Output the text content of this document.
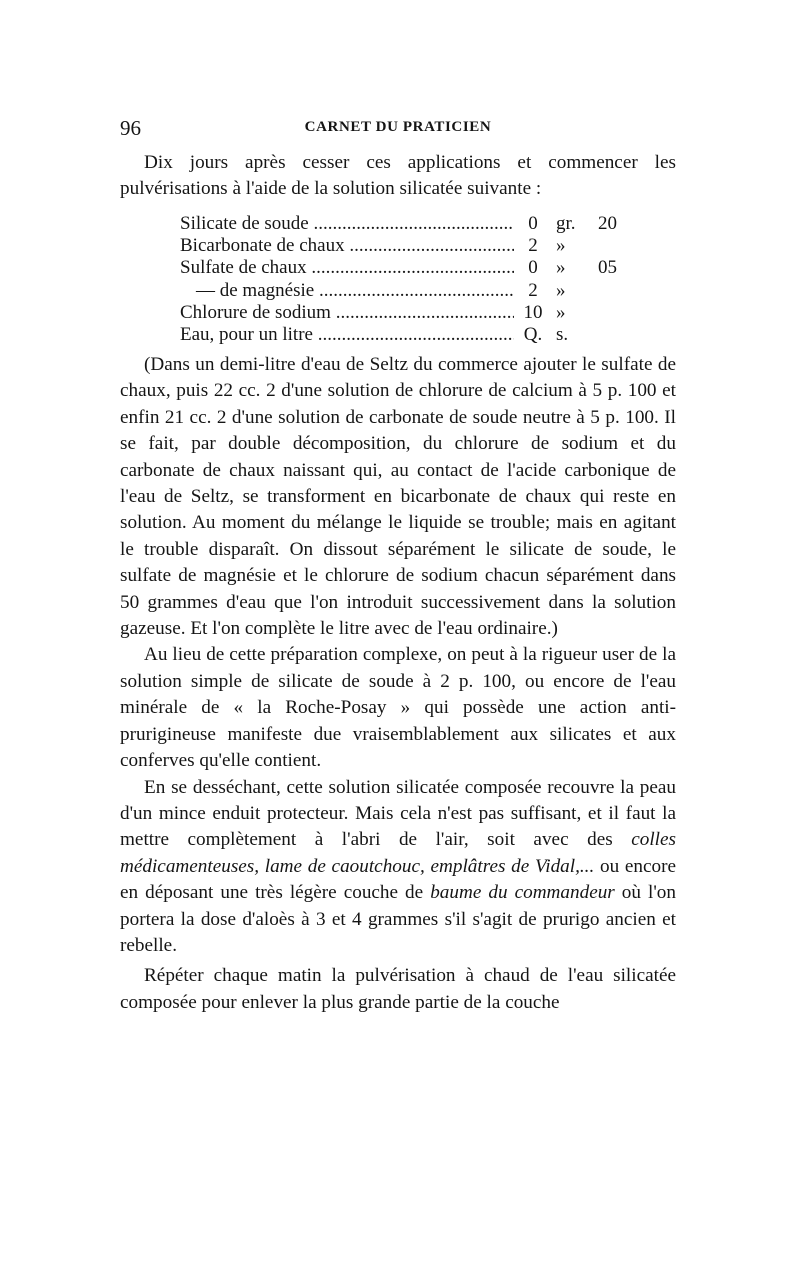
96	CARNET DU PRATICIEN

Dix jours après cesser ces applications et commencer les pulvérisations à l'aide de la solution silicatée suivante :

Silicate de soude .....	0 gr.	20
Bicarbonate de chaux .....	2 »
Sulfate de chaux .....	0 »	05
— de magnésie .....	2 »
Chlorure de sodium .....	10 »
Eau, pour un litre .....	Q. s.

(Dans un demi-litre d'eau de Seltz du commerce ajouter le sulfate de chaux, puis 22 cc. 2 d'une solution de chlorure de calcium à 5 p. 100 et enfin 21 cc. 2 d'une solution de carbonate de soude neutre à 5 p. 100. Il se fait, par double décomposition, du chlorure de sodium et du carbonate de chaux naissant qui, au contact de l'acide carbonique de l'eau de Seltz, se transforment en bicarbonate de chaux qui reste en solution. Au moment du mélange le liquide se trouble; mais en agitant le trouble disparaît. On dissout séparément le silicate de soude, le sulfate de magnésie et le chlorure de sodium chacun séparément dans 50 grammes d'eau que l'on introduit successivement dans la solution gazeuse. Et l'on complète le litre avec de l'eau ordinaire.)

Au lieu de cette préparation complexe, on peut à la rigueur user de la solution simple de silicate de soude à 2 p. 100, ou encore de l'eau minérale de « la Roche-Posay » qui possède une action anti-prurigineuse manifeste due vraisemblablement aux silicates et aux conferves qu'elle contient.

En se desséchant, cette solution silicatée composée recouvre la peau d'un mince enduit protecteur. Mais cela n'est pas suffisant, et il faut la mettre complètement à l'abri de l'air, soit avec des colles médicamenteuses, lame de caoutchouc, emplâtres de Vidal,... ou encore en déposant une très légère couche de baume du commandeur où l'on portera la dose d'aloès à 3 et 4 grammes s'il s'agit de prurigo ancien et rebelle.

Répéter chaque matin la pulvérisation à chaud de l'eau silicatée composée pour enlever la plus grande partie de la couche
